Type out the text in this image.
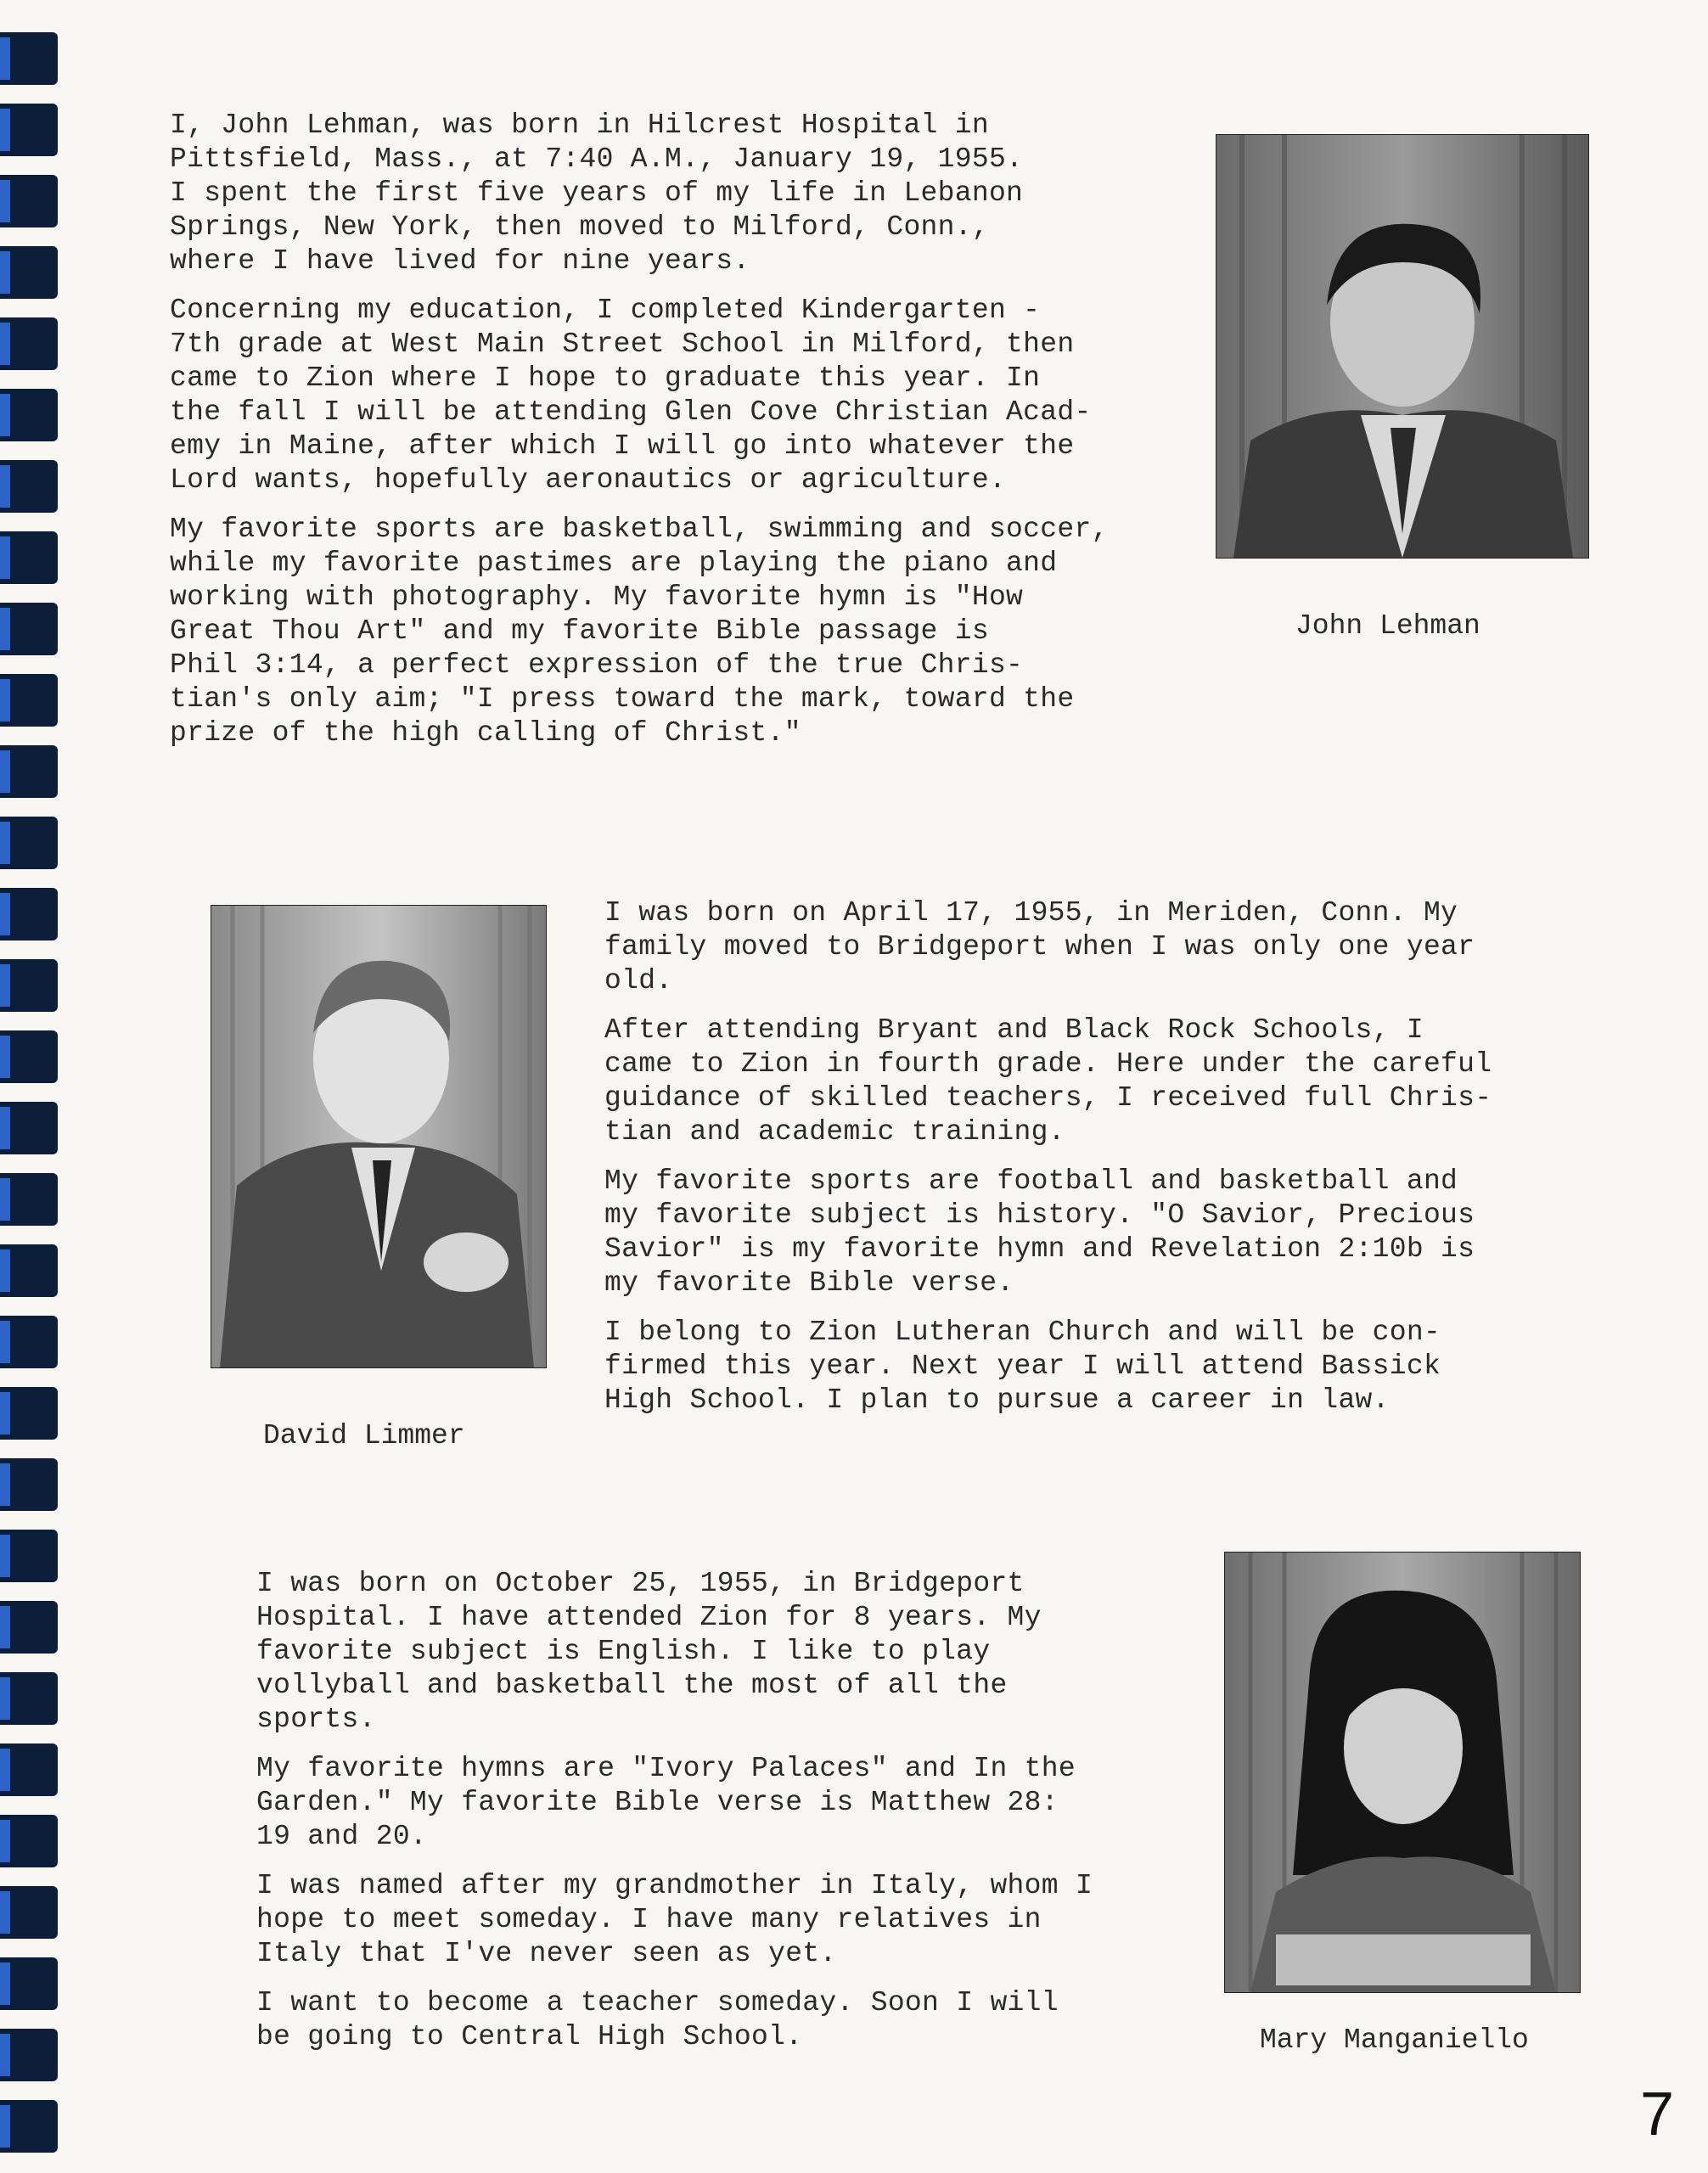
I, John Lehman, was born in Hilcrest Hospital in
Pittsfield, Mass., at 7:40 A.M., January 19, 1955.
I spent the first five years of my life in Lebanon
Springs, New York, then moved to Milford, Conn.,
where I have lived for nine years.

Concerning my education, I completed Kindergarten -
7th grade at West Main Street School in Milford, then
came to Zion where I hope to graduate this year. In
the fall I will be attending Glen Cove Christian Acad-
emy in Maine, after which I will go into whatever the
Lord wants, hopefully aeronautics or agriculture.

My favorite sports are basketball, swimming and soccer,
while my favorite pastimes are playing the piano and
working with photography. My favorite hymn is "How
Great Thou Art" and my favorite Bible passage is
Phil 3:14, a perfect expression of the true Chris-
tian's only aim; "I press toward the mark, toward the
prize of the high calling of Christ."

John Lehman
David Limmer

I was born on April 17, 1955, in Meriden, Conn. My
family moved to Bridgeport when I was only one year
old.

After attending Bryant and Black Rock Schools, I
came to Zion in fourth grade. Here under the careful
guidance of skilled teachers, I received full Chris-
tian and academic training.

My favorite sports are football and basketball and
my favorite subject is history. "O Savior, Precious
Savior" is my favorite hymn and Revelation 2:10b is
my favorite Bible verse.

I belong to Zion Lutheran Church and will be con-
firmed this year. Next year I will attend Bassick
High School. I plan to pursue a career in law.

I was born on October 25, 1955, in Bridgeport
Hospital. I have attended Zion for 8 years. My
favorite subject is English. I like to play
vollyball and basketball the most of all the
sports.

My favorite hymns are "Ivory Palaces" and In the
Garden." My favorite Bible verse is Matthew 28:
19 and 20.

I was named after my grandmother in Italy, whom I
hope to meet someday. I have many relatives in
Italy that I've never seen as yet.

I want to become a teacher someday. Soon I will
be going to Central High School.	Mary Manganiello
7
